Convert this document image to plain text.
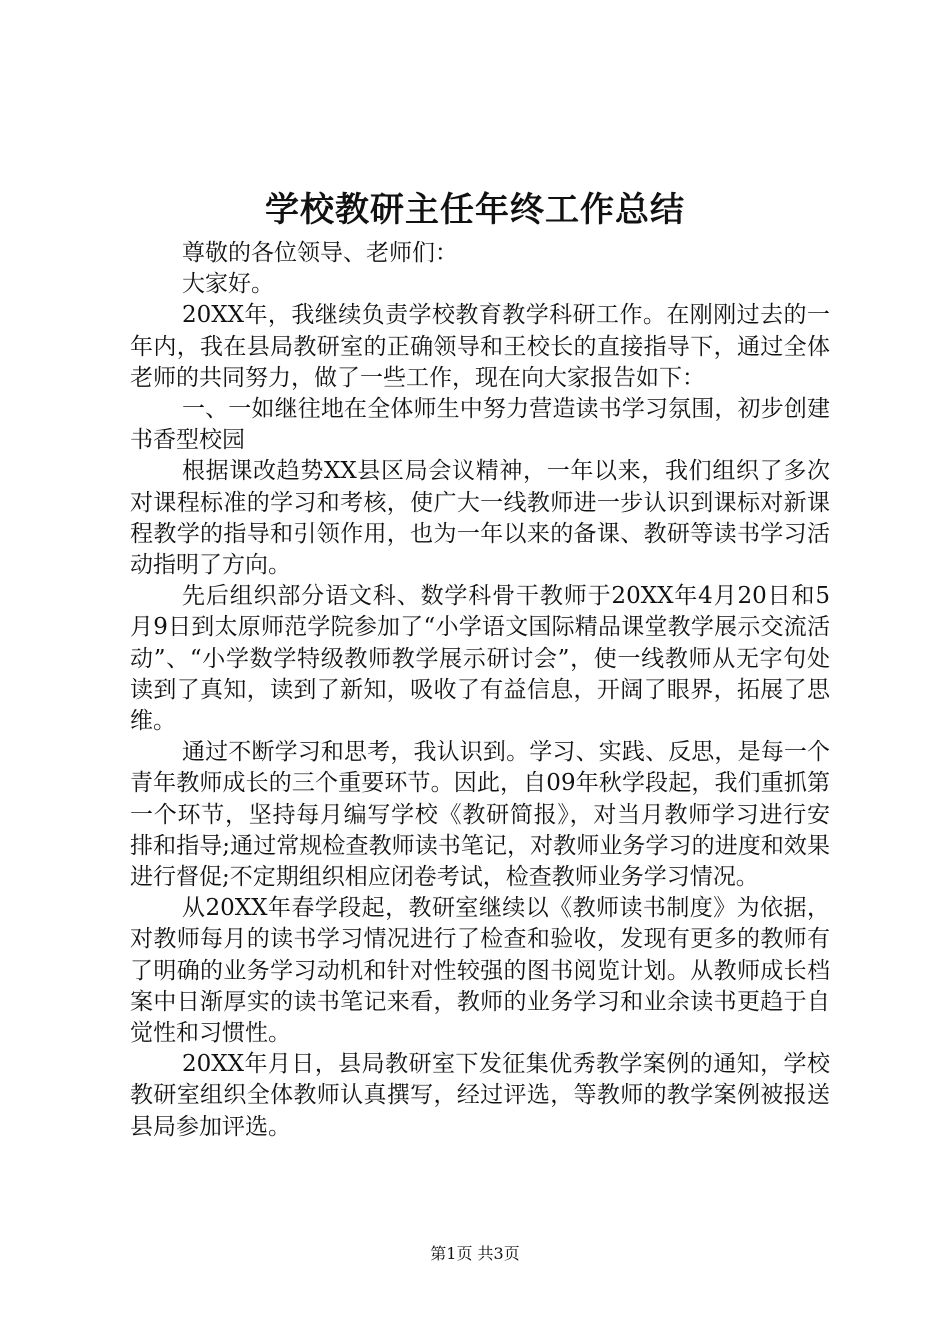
学校教研主任年终工作总结

尊敬的各位领导、老师们：

大家好。

20XX年，我继续负责学校教育教学科研工作。在刚刚过去的一年内，我在县局教研室的正确领导和王校长的直接指导下，通过全体老师的共同努力，做了一些工作，现在向大家报告如下：

一、一如继往地在全体师生中努力营造读书学习氛围，初步创建书香型校园

根据课改趋势XX县区局会议精神，一年以来，我们组织了多次对课程标准的学习和考核，使广大一线教师进一步认识到课标对新课程教学的指导和引领作用，也为一年以来的备课、教研等读书学习活动指明了方向。

先后组织部分语文科、数学科骨干教师于20XX年4月20日和5月9日到太原师范学院参加了“小学语文国际精品课堂教学展示交流活动”、“小学数学特级教师教学展示研讨会”，使一线教师从无字句处读到了真知，读到了新知，吸收了有益信息，开阔了眼界，拓展了思维。

通过不断学习和思考，我认识到。学习、实践、反思，是每一个青年教师成长的三个重要环节。因此，自09年秋学段起，我们重抓第一个环节，坚持每月编写学校《教研简报》，对当月教师学习进行安排和指导;通过常规检查教师读书笔记，对教师业务学习的进度和效果进行督促;不定期组织相应闭卷考试，检查教师业务学习情况。

从20XX年春学段起，教研室继续以《教师读书制度》为依据，对教师每月的读书学习情况进行了检查和验收，发现有更多的教师有了明确的业务学习动机和针对性较强的图书阅览计划。从教师成长档案中日渐厚实的读书笔记来看，教师的业务学习和业余读书更趋于自觉性和习惯性。

20XX年月日，县局教研室下发征集优秀教学案例的通知，学校教研室组织全体教师认真撰写，经过评选，等教师的教学案例被报送县局参加评选。

第1页 共3页
